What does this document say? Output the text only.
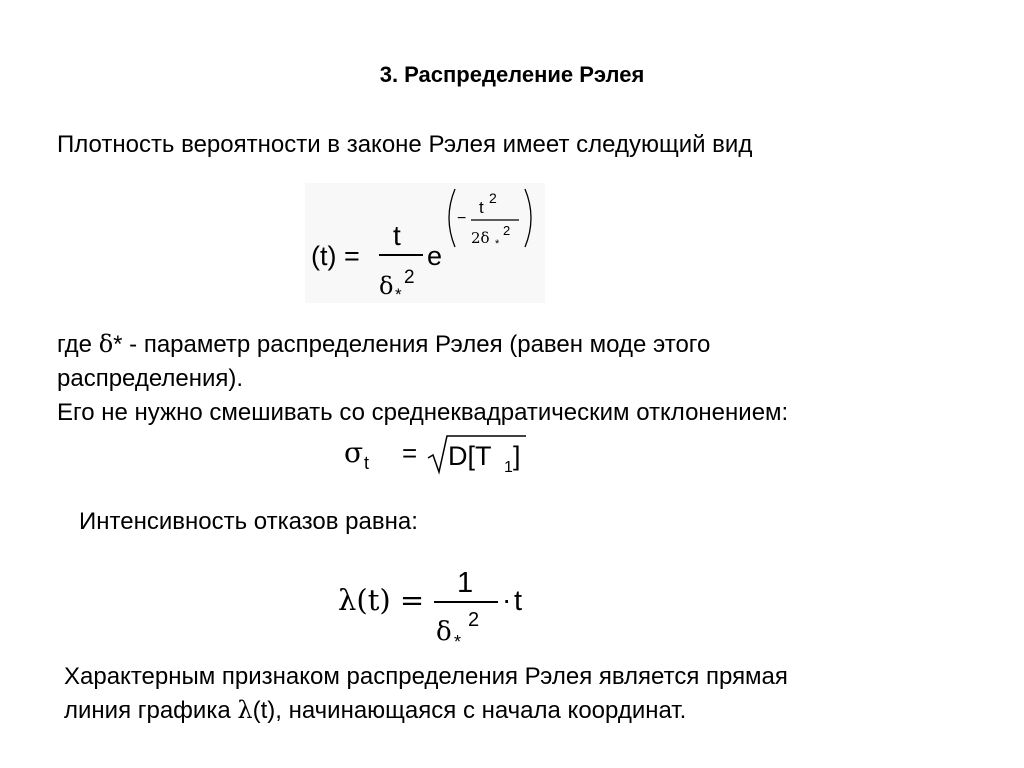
3. Распределение Рэлея
Плотность вероятности в законе Рэлея имеет следующий вид
(t) =
t
δ *
2
e
−
t 2
2δ *
2
где δ* - параметр распределения Рэлея (равен моде этого
распределения).
Его не нужно смешивать со среднеквадратическим отклонением:
σ t = D[T 1 ]
Интенсивность отказов равна:
λ(t) = 1
δ *
2
· t
Характерным признаком распределения Рэлея является прямая
линия графика λ(t), начинающаяся с начала координат.
